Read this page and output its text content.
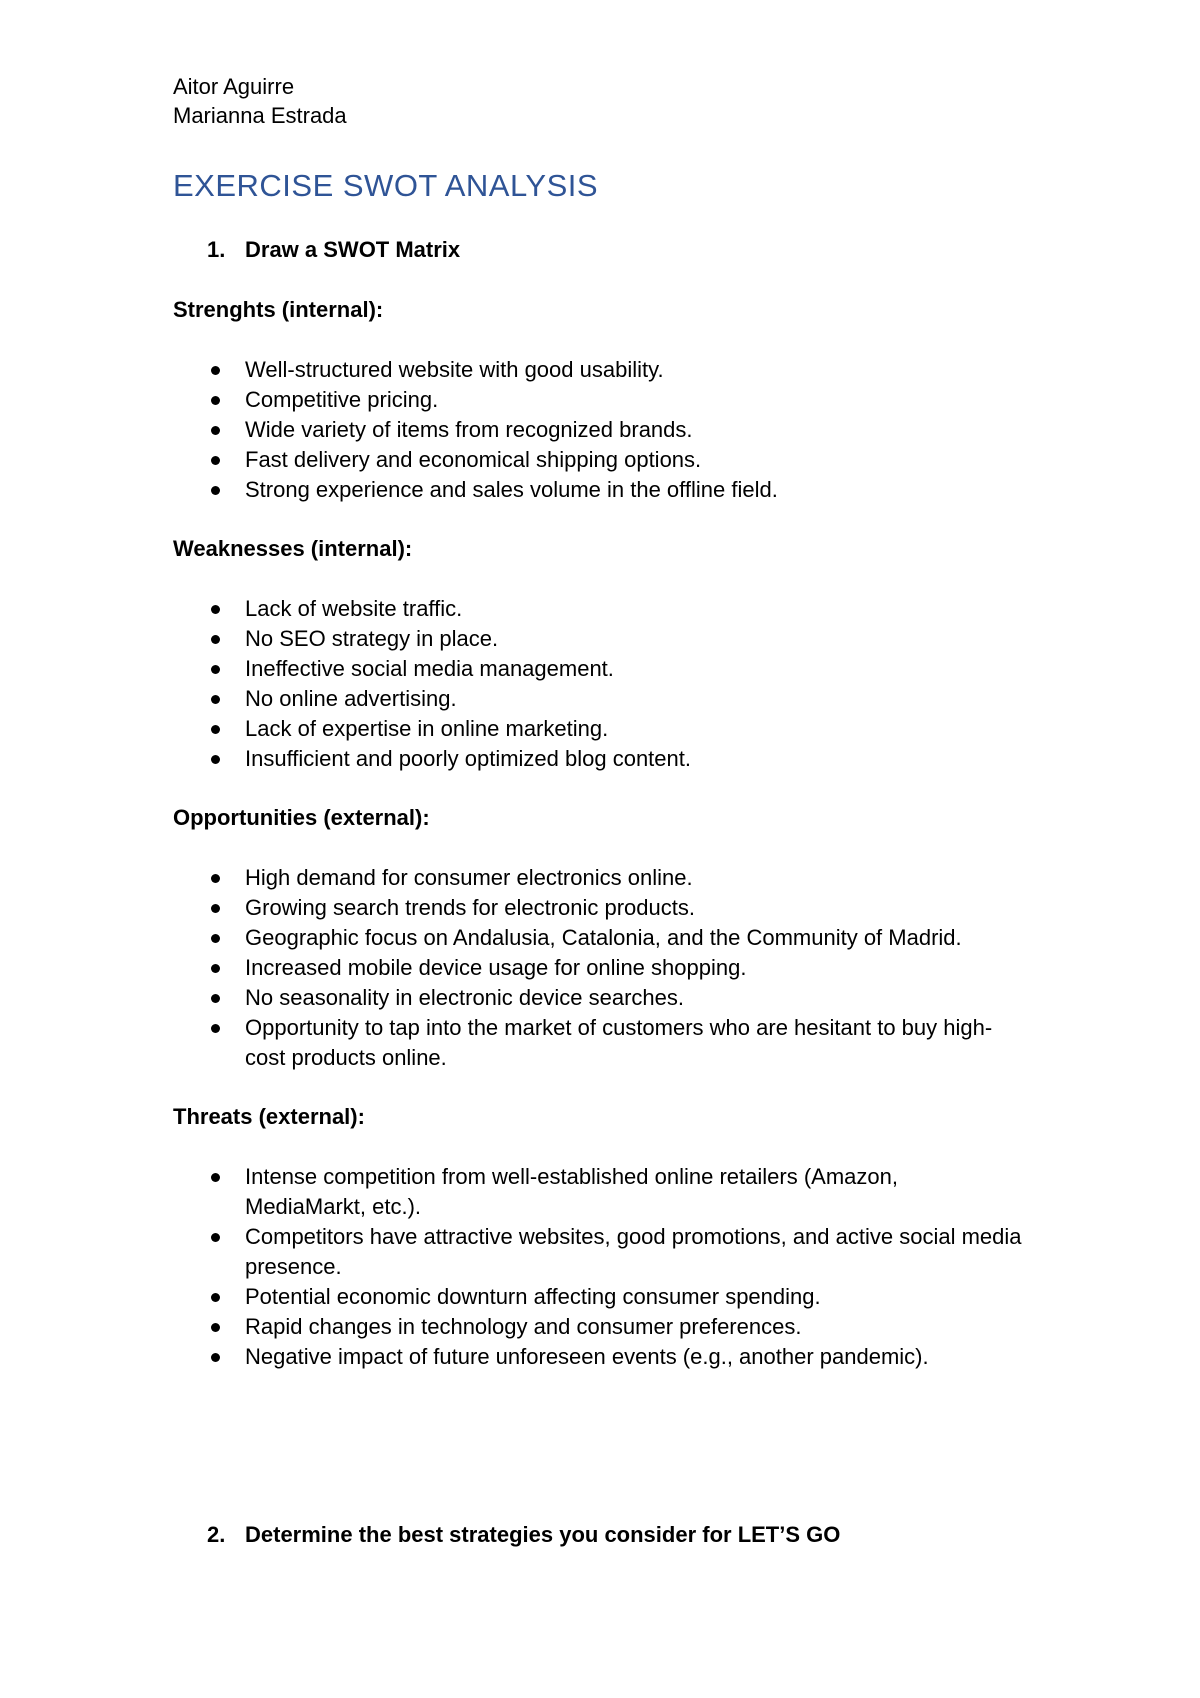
Aitor Aguirre
Marianna Estrada
EXERCISE SWOT ANALYSIS
1. Draw a SWOT Matrix
Strenghts (internal):
Well-structured website with good usability.
Competitive pricing.
Wide variety of items from recognized brands.
Fast delivery and economical shipping options.
Strong experience and sales volume in the offline field.
Weaknesses (internal):
Lack of website traffic.
No SEO strategy in place.
Ineffective social media management.
No online advertising.
Lack of expertise in online marketing.
Insufficient and poorly optimized blog content.
Opportunities (external):
High demand for consumer electronics online.
Growing search trends for electronic products.
Geographic focus on Andalusia, Catalonia, and the Community of Madrid.
Increased mobile device usage for online shopping.
No seasonality in electronic device searches.
Opportunity to tap into the market of customers who are hesitant to buy high-
cost products online.
Threats (external):
Intense competition from well-established online retailers (Amazon,
MediaMarkt, etc.).
Competitors have attractive websites, good promotions, and active social media
presence.
Potential economic downturn affecting consumer spending.
Rapid changes in technology and consumer preferences.
Negative impact of future unforeseen events (e.g., another pandemic).
2. Determine the best strategies you consider for LET’S GO
